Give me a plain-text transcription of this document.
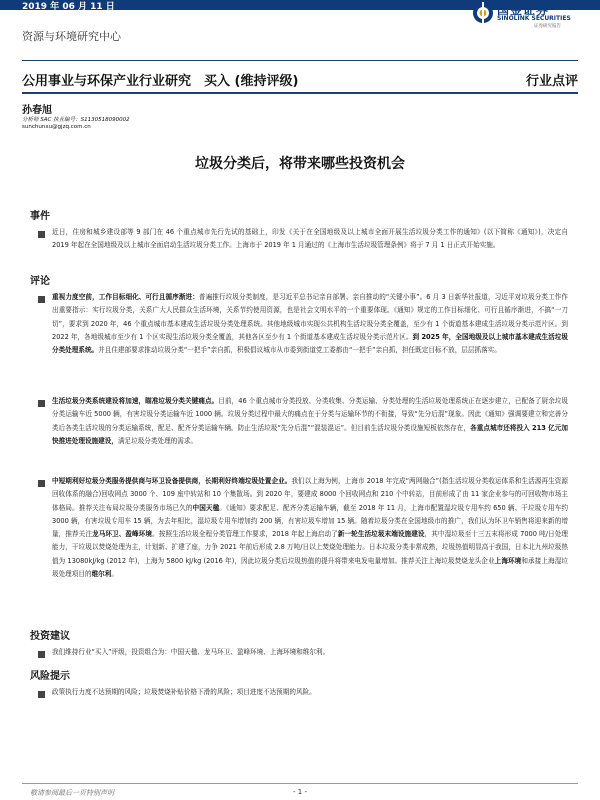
2019 年 06 月 11 日	国金证券
SINOLINK SECURITIES
证券研究报告
资源与环境研究中心
公用事业与环保产业行业研究　买入 (维持评级)	行业点评
孙春旭
分析师 SAC 执业编号：S1130518090002
sunchunxu@gjzq.com.cn
垃圾分类后，将带来哪些投资机会
事件
近日，住房和城乡建设部等 9 部门在 46 个重点城市先行先试的基础上，印发《关于在全国地级及以上城市全面开展生活垃圾分类工作的通知》(以下简称《通知》)，决定自 2019 年起在全国地级及以上城市全面启动生活垃圾分类工作。上海市于 2019 年 1 月通过的《上海市生活垃圾管理条例》将于 7 月 1 日正式开始实施。
评论
重视力度空前，工作目标细化、可行且循序渐进：普遍推行垃圾分类制度，是习近平总书记亲自部署、亲自推动的“关键小事”。6 月 3 日新华社报道，习近平对垃圾分类工作作出重要指示：实行垃圾分类，关系广大人民群众生活环境，关系节约使用资源，也是社会文明水平的一个重要体现。《通知》规定的工作目标细化、可行且循序渐进，不搞“一刀切”，要求到 2020 年，46 个重点城市基本建成生活垃圾分类处理系统。其他地级城市实现公共机构生活垃圾分类全覆盖，至少有 1 个街道基本建成生活垃圾分类示范片区。到 2022 年，各地级城市至少有 1 个区实现生活垃圾分类全覆盖，其他各区至少有 1 个街道基本建成生活垃圾分类示范片区。到 2025 年，全国地级及以上城市基本建成生活垃圾分类处理系统。并且住建部要求推动垃圾分类“一把手”亲自抓，积极倡议城市从市委到街道党工委都由“一把手”亲自抓，担任既定目标不放，层层抓落实。
生活垃圾分类系统建设将加速，瞄准垃圾分类关键痛点。目前，46 个重点城市分类投放、分类收集、分类运输、分类处理的生活垃圾处理系统正在逐步建立，已配备了厨余垃圾分类运输车近 5000 辆，有害垃圾分类运输车近 1000 辆。垃圾分类过程中最大的痛点在于分类与运输环节的不衔接，导致“先分后混”现象。因此《通知》强调要建立和完善分类后各类生活垃圾的分类运输系统，配足、配齐分类运输车辆。防止生活垃圾“先分后混”“混装混运”。但目前生活垃圾分类设施短板依然存在，各重点城市还将投入 213 亿元加快推进处理设施建设，满足垃圾分类处理的需求。
中短期利好垃圾分类服务提供商与环卫设备提供商，长期利好终端垃圾处置企业。我们以上海为例，上海市 2018 年完成“两网融合”(指生活垃圾分类收运体系和生活源再生资源回收体系的融合)回收网点 3000 个、109 座中转站和 10 个集散场。到 2020 年，要建成 8000 个回收网点和 210 个中转站，目前形成了由 11 家企业参与的可回收物市场主体格局。推荐关注布局垃圾分类服务市场已久的中国天楹。《通知》要求配足、配齐分类运输车辆，截至 2018 年 11 月，上海市配置湿垃圾专用车约 650 辆、干垃圾专用车约 3000 辆，有害垃圾专用车 15 辆，为去年相比，湿垃圾专用车增加约 200 辆，有害垃圾车增加 15 辆。随着垃圾分类在全国地级市的推广，我们认为环卫车销售将迎来新的增量，推荐关注龙马环卫、盈峰环境。按照生活垃圾全程分类管理工作要求，2018 年起上海启动了新一轮生活垃圾末端设施建设，其中湿垃圾至十三五末将形成 7000 吨/日处理能力，干垃圾以焚烧处理为主，计划新、扩建了座，力争 2021 年前后形成 2.8 万吨/日以上焚烧处理能力。日本垃圾分类非常成熟，垃圾热值明显高于我国，日本北九州垃圾热值为 13080kJ/kg (2012 年)，上海为 5800 kJ/kg (2016 年)，因此垃圾分类后垃圾热值的提升将带来电发电量增加。推荐关注上海垃圾焚烧龙头企业上海环境和承接上海湿垃圾处理项目的维尔利。
投资建议
我们维持行业“买入”评级，投资组合为：中国天楹、龙马环卫、盈峰环境、上海环境和维尔利。
风险提示
政策执行力度不达预期的风险；垃圾焚烧补贴价格下滑的风险；项目进度不达预期的风险。
敬请参阅最后一页特别声明	- 1 -
